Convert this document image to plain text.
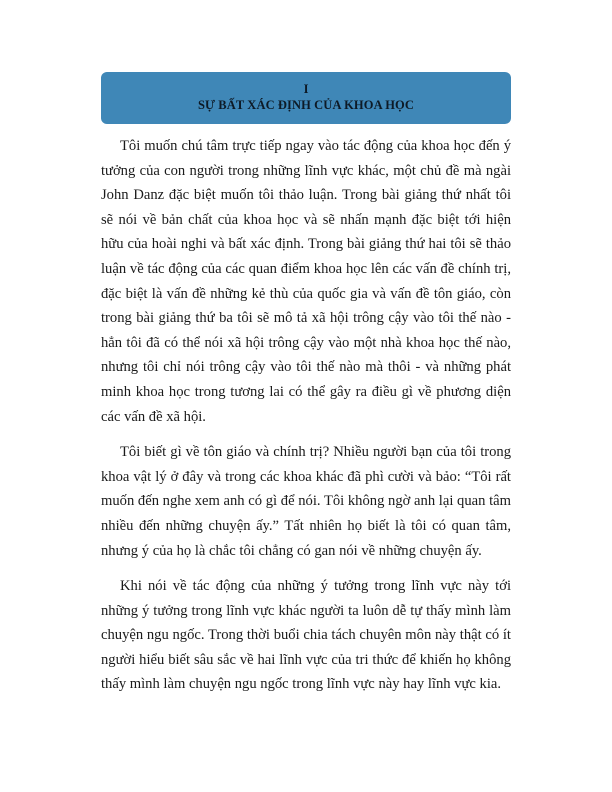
I
SỰ BẤT XÁC ĐỊNH CỦA KHOA HỌC

Tôi muốn chú tâm trực tiếp ngay vào tác động của khoa học đến ý tưởng của con người trong những lĩnh vực khác, một chủ đề mà ngài John Danz đặc biệt muốn tôi thảo luận. Trong bài giảng thứ nhất tôi sẽ nói về bản chất của khoa học và sẽ nhấn mạnh đặc biệt tới hiện hữu của hoài nghi và bất xác định. Trong bài giảng thứ hai tôi sẽ thảo luận về tác động của các quan điểm khoa học lên các vấn đề chính trị, đặc biệt là vấn đề những kẻ thù của quốc gia và vấn đề tôn giáo, còn trong bài giảng thứ ba tôi sẽ mô tả xã hội trông cậy vào tôi thế nào - hẳn tôi đã có thể nói xã hội trông cậy vào một nhà khoa học thế nào, nhưng tôi chỉ nói trông cậy vào tôi thế nào mà thôi - và những phát minh khoa học trong tương lai có thể gây ra điều gì về phương diện các vấn đề xã hội.

Tôi biết gì về tôn giáo và chính trị? Nhiều người bạn của tôi trong khoa vật lý ở đây và trong các khoa khác đã phì cười và bảo: “Tôi rất muốn đến nghe xem anh có gì để nói. Tôi không ngờ anh lại quan tâm nhiều đến những chuyện ấy.” Tất nhiên họ biết là tôi có quan tâm, nhưng ý của họ là chắc tôi chẳng có gan nói về những chuyện ấy.

Khi nói về tác động của những ý tưởng trong lĩnh vực này tới những ý tưởng trong lĩnh vực khác người ta luôn dễ tự thấy mình làm chuyện ngu ngốc. Trong thời buổi chia tách chuyên môn này thật có ít người hiểu biết sâu sắc về hai lĩnh vực của tri thức để khiến họ không thấy mình làm chuyện ngu ngốc trong lĩnh vực này hay lĩnh vực kia.
